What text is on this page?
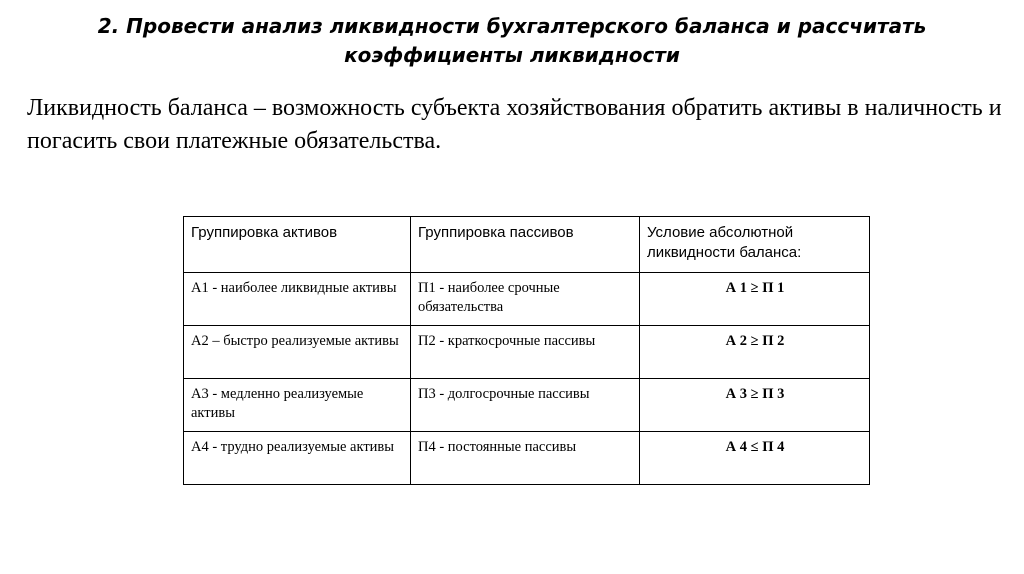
2. Провести анализ ликвидности бухгалтерского баланса и рассчитать коэффициенты ликвидности

Ликвидность баланса – возможность субъекта хозяйствования обратить активы в наличность и погасить свои платежные обязательства.

Группировка активов	Группировка пассивов	Условие абсолютной ликвидности баланса:
А1 - наиболее ликвидные активы	П1 - наиболее срочные обязательства	А 1 ≥ П 1
А2 – быстро реализуемые активы	П2 - краткосрочные пассивы	А 2 ≥ П 2
А3 - медленно реализуемые активы	П3 - долгосрочные пассивы	А 3 ≥ П 3
А4 - трудно реализуемые активы	П4 - постоянные пассивы	А 4 ≤ П 4
